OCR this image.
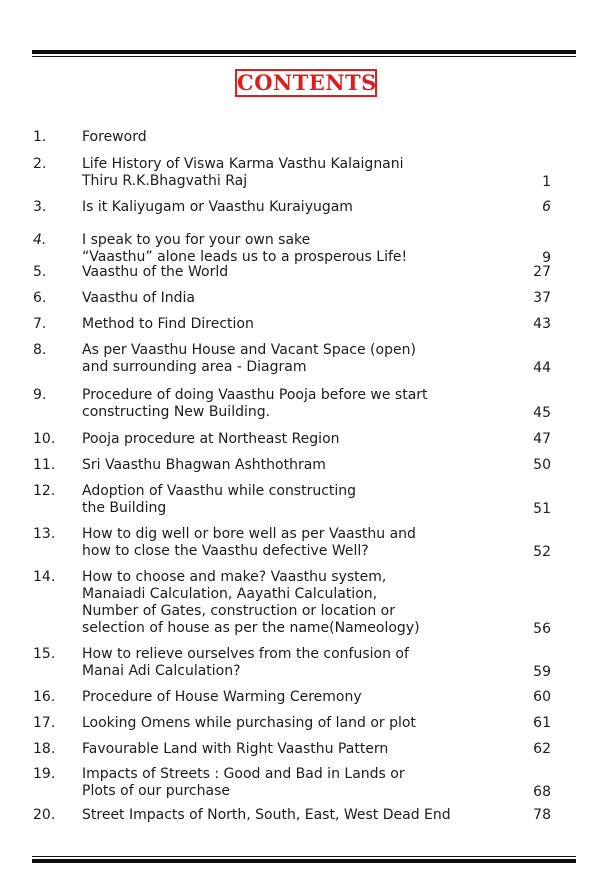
CONTENTS
1.	Foreword
2.	Life History of Viswa Karma Vasthu Kalaignani
Thiru R.K.Bhagvathi Raj	1
3.	Is it Kaliyugam or Vaasthu Kuraiyugam	6
4.	I speak to you for your own sake
“Vaasthu” alone leads us to a prosperous Life!	9
5.	Vaasthu of the World	27
6.	Vaasthu of India	37
7.	Method to Find Direction	43
8.	As per Vaasthu House and Vacant Space (open)
and surrounding area - Diagram	44
9.	Procedure of doing Vaasthu Pooja before we start
constructing New Building.	45
10. Pooja procedure at Northeast Region	47
11. Sri Vaasthu Bhagwan Ashthothram	50
12. Adoption of Vaasthu while constructing
the Building	51
13. How to dig well or bore well as per Vaasthu and
how to close the Vaasthu defective Well?	52
14. How to choose and make? Vaasthu system,
Manaiadi Calculation, Aayathi Calculation,
Number of Gates, construction or location or
selection of house as per the name(Nameology)	56
15. How to relieve ourselves from the confusion of
Manai Adi Calculation?	59
16. Procedure of House Warming Ceremony	60
17. Looking Omens while purchasing of land or plot	61
18. Favourable Land with Right Vaasthu Pattern	62
19. Impacts of Streets : Good and Bad in Lands or
Plots of our purchase	68
20. Street Impacts of North, South, East, West Dead End	78
